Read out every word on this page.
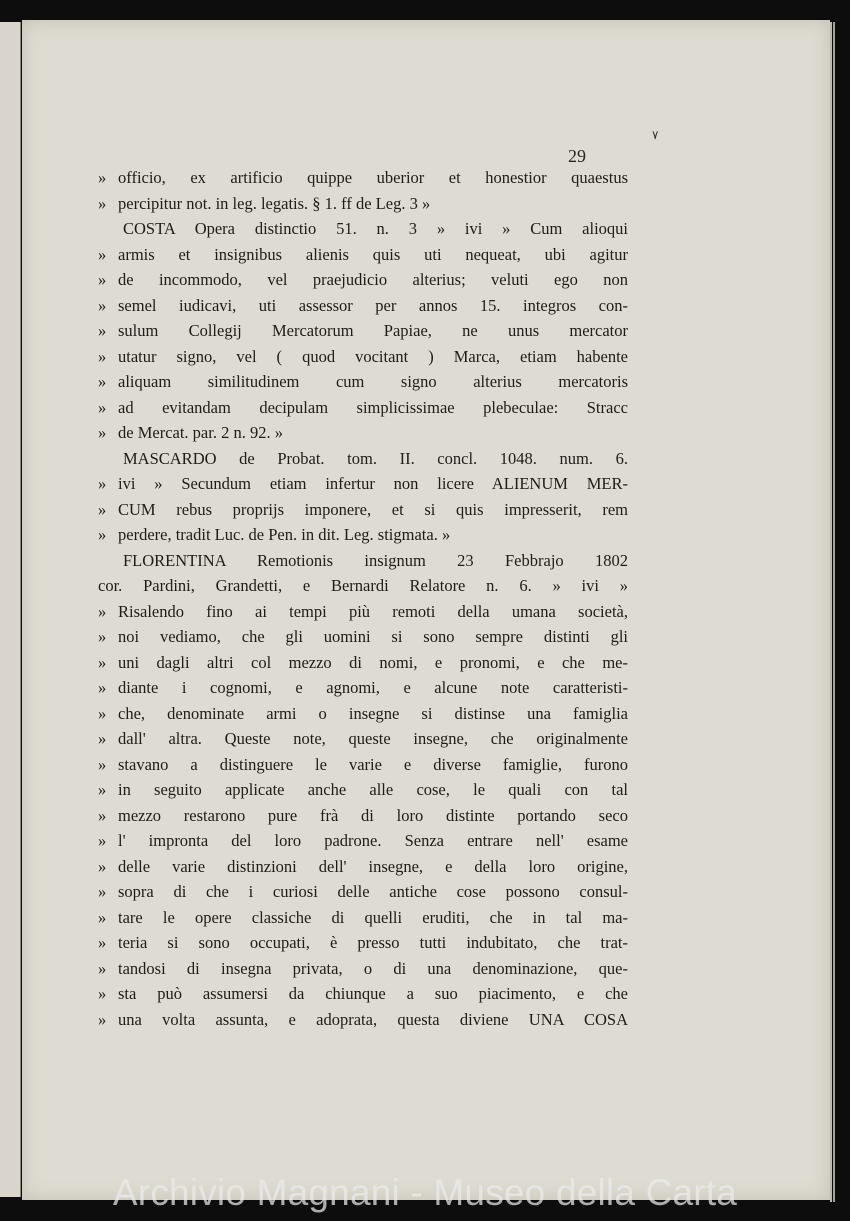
29
٧
» officio, ex artificio quippe uberior et honestior quaestus
» percipitur not. in leg. legatis. § 1. ff de Leg. 3 »
COSTA Opera distinctio 51. n. 3 » ivi » Cum alioqui
» armis et insignibus alienis quis uti nequeat, ubi agitur
» de incommodo, vel praejudicio alterius; veluti ego non
» semel iudicavi, uti assessor per annos 15. integros con-
» sulum Collegij Mercatorum Papiae, ne unus mercator
» utatur signo, vel ( quod vocitant ) Marca, etiam habente
» aliquam similitudinem cum signo alterius mercatoris
» ad evitandam decipulam simplicissimae plebeculae: Stracc
» de Mercat. par. 2 n. 92. »
MASCARDO de Probat. tom. II. concl. 1048. num. 6.
» ivi » Secundum etiam infertur non licere ALIENUM MER-
» CUM rebus proprijs imponere, et si quis impresserit, rem
» perdere, tradit Luc. de Pen. in dit. Leg. stigmata. »
FLORENTINA Remotionis insignum 23 Febbrajo 1802
cor. Pardini, Grandetti, e Bernardi Relatore n. 6. » ivi »
» Risalendo fino ai tempi più remoti della umana società,
» noi vediamo, che gli uomini si sono sempre distinti gli
» uni dagli altri col mezzo di nomi, e pronomi, e che me-
» diante i cognomi, e agnomi, e alcune note caratteristi-
» che, denominate armi o insegne si distinse una famiglia
» dall' altra. Queste note, queste insegne, che originalmente
» stavano a distinguere le varie e diverse famiglie, furono
» in seguito applicate anche alle cose, le quali con tal
» mezzo restarono pure frà di loro distinte portando seco
» l' impronta del loro padrone. Senza entrare nell' esame
» delle varie distinzioni dell' insegne, e della loro origine,
» sopra di che i curiosi delle antiche cose possono consul-
» tare le opere classiche di quelli eruditi, che in tal ma-
» teria si sono occupati, è presso tutti indubitato, che trat-
» tandosi di insegna privata, o di una denominazione, que-
» sta può assumersi da chiunque a suo piacimento, e che
» una volta assunta, e adoprata, questa diviene UNA COSA
Archivio Magnani - Museo della Carta
